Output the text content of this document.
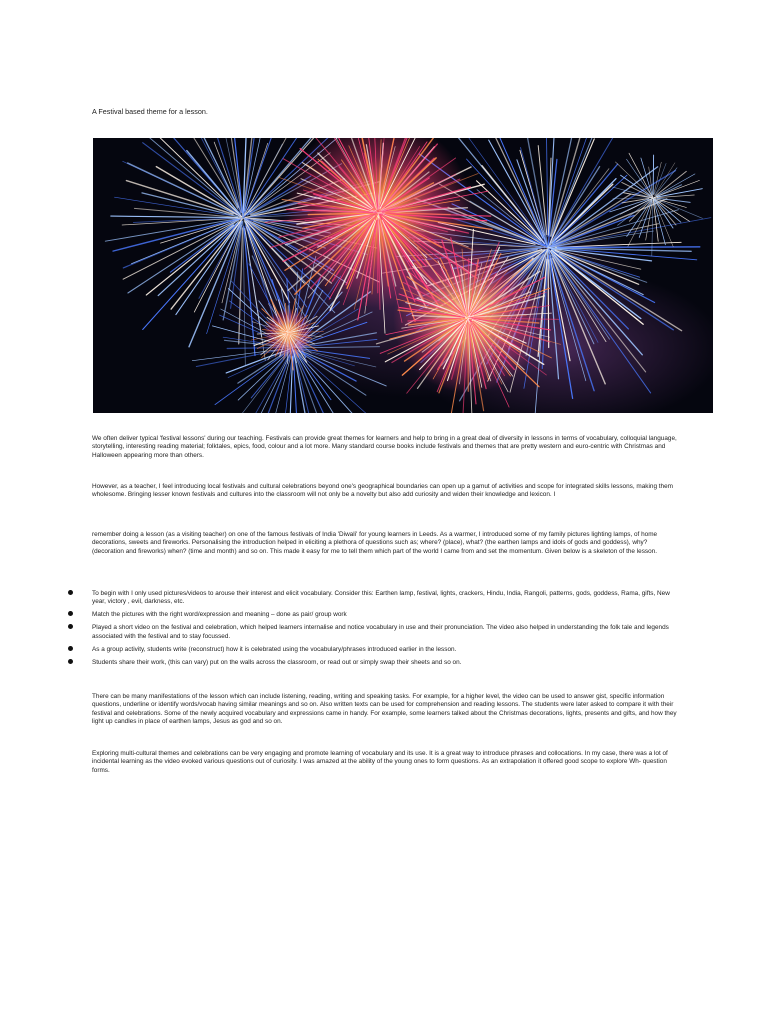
A Festival based theme for a lesson.

We often deliver typical 'festival lessons' during our teaching. Festivals can provide great themes for learners and help to bring in a great deal of diversity in lessons in terms of vocabulary, colloquial language, storytelling, interesting reading material; folktales, epics, food, colour and a lot more. Many standard course books include festivals and themes that are pretty western and euro-centric with Christmas and Halloween appearing more than others.

However, as a teacher, I feel introducing local festivals and cultural celebrations beyond one's geographical boundaries can open up a gamut of activities and scope for integrated skills lessons, making them wholesome. Bringing lesser known festivals and cultures into the classroom will not only be a novelty but also add curiosity and widen their knowledge and lexicon. I

remember doing a lesson (as a visiting teacher) on one of the famous festivals of India 'Diwali' for young learners in Leeds. As a warmer, I introduced some of my family pictures lighting lamps, of home decorations, sweets and fireworks. Personalising the introduction helped in eliciting a plethora of questions such as; where? (place), what? (the earthen lamps and idols of gods and goddess), why? (decoration and fireworks) when? (time and month) and so on. This made it easy for me to tell them which part of the world I came from and set the momentum. Given below is a skeleton of the lesson.

To begin with I only used pictures/videos to arouse their interest and elicit vocabulary. Consider this: Earthen lamp, festival, lights, crackers, Hindu, India, Rangoli, patterns, gods, goddess, Rama, gifts, New year, victory , evil, darkness, etc.
Match the pictures with the right word/expression and meaning – done as pair/ group work
Played a short video on the festival and celebration, which helped learners internalise and notice vocabulary in use and their pronunciation. The video also helped in understanding the folk tale and legends associated with the festival and to stay focussed.
As a group activity, students write (reconstruct) how it is celebrated using the vocabulary/phrases introduced earlier in the lesson.
Students share their work, (this can vary) put on the walls across the classroom, or read out or simply swap their sheets and so on.

There can be many manifestations of the lesson which can include listening, reading, writing and speaking tasks. For example, for a higher level, the video can be used to answer gist, specific information questions, underline or identify words/vocab having similar meanings and so on. Also written texts can be used for comprehension and reading lessons. The students were later asked to compare it with their festival and celebrations. Some of the newly acquired vocabulary and expressions came in handy. For example, some learners talked about the Christmas decorations, lights, presents and gifts, and how they light up candles in place of earthen lamps, Jesus as god and so on.

Exploring multi-cultural themes and celebrations can be very engaging and promote learning of vocabulary and its use. It is a great way to introduce phrases and collocations. In my case, there was a lot of incidental learning as the video evoked various questions out of curiosity. I was amazed at the ability of the young ones to form questions. As an extrapolation it offered good scope to explore Wh- question forms.
